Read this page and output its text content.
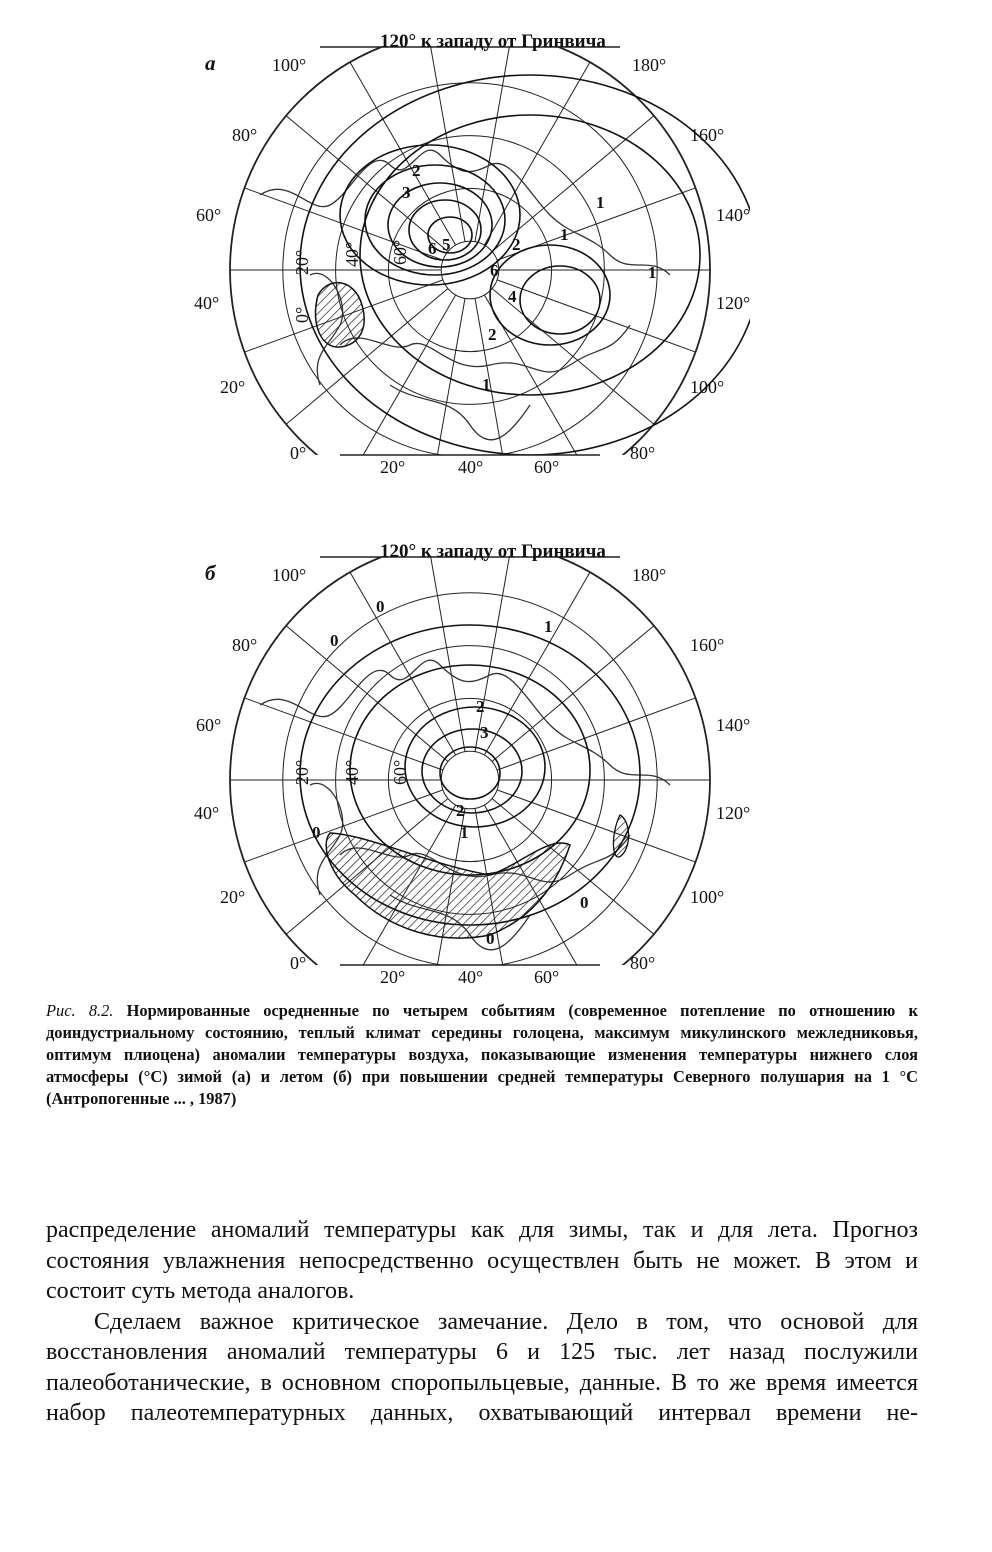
120° к западу от Гринвича
а	100°
80°
60°
40°
20°
0°
180°
160°
140°
120°
100°
80°
20°	40°	60°
20° 40° 60°
0°
1
1
1
2
2
3
4
5
6
2
1
6
120° к западу от Гринвича
б	100°
80°
60°
40°
20°
0°
180°
160°
140°
120°
100°
80°
20°	40°	60°
20° 40° 60°
0
0
1
2
3
2
1
0
0
0
Рис. 8.2. Нормированные осредненные по четырем событиям (современное потепление по отношению к доиндустриальному состоянию, теплый климат середины голоцена, максимум микулинского межледниковья, оптимум плиоцена) аномалии температуры воздуха, показывающие изменения температуры нижнего слоя атмосферы (°C) зимой (а) и летом (б) при повышении средней температуры Северного полушария на 1 °C (Антропогенные ... , 1987)

распределение аномалий температуры как для зимы, так и для лета. Прогноз состояния увлажнения непосредственно осуществлен быть не может. В этом и состоит суть метода аналогов.

Сделаем важное критическое замечание. Дело в том, что основой для восстановления аномалий температуры 6 и 125 тыс. лет назад послужили палеоботанические, в основном споропыльцевые, данные. В то же время имеется набор палеотемпературных данных, охватывающий интервал времени не-
